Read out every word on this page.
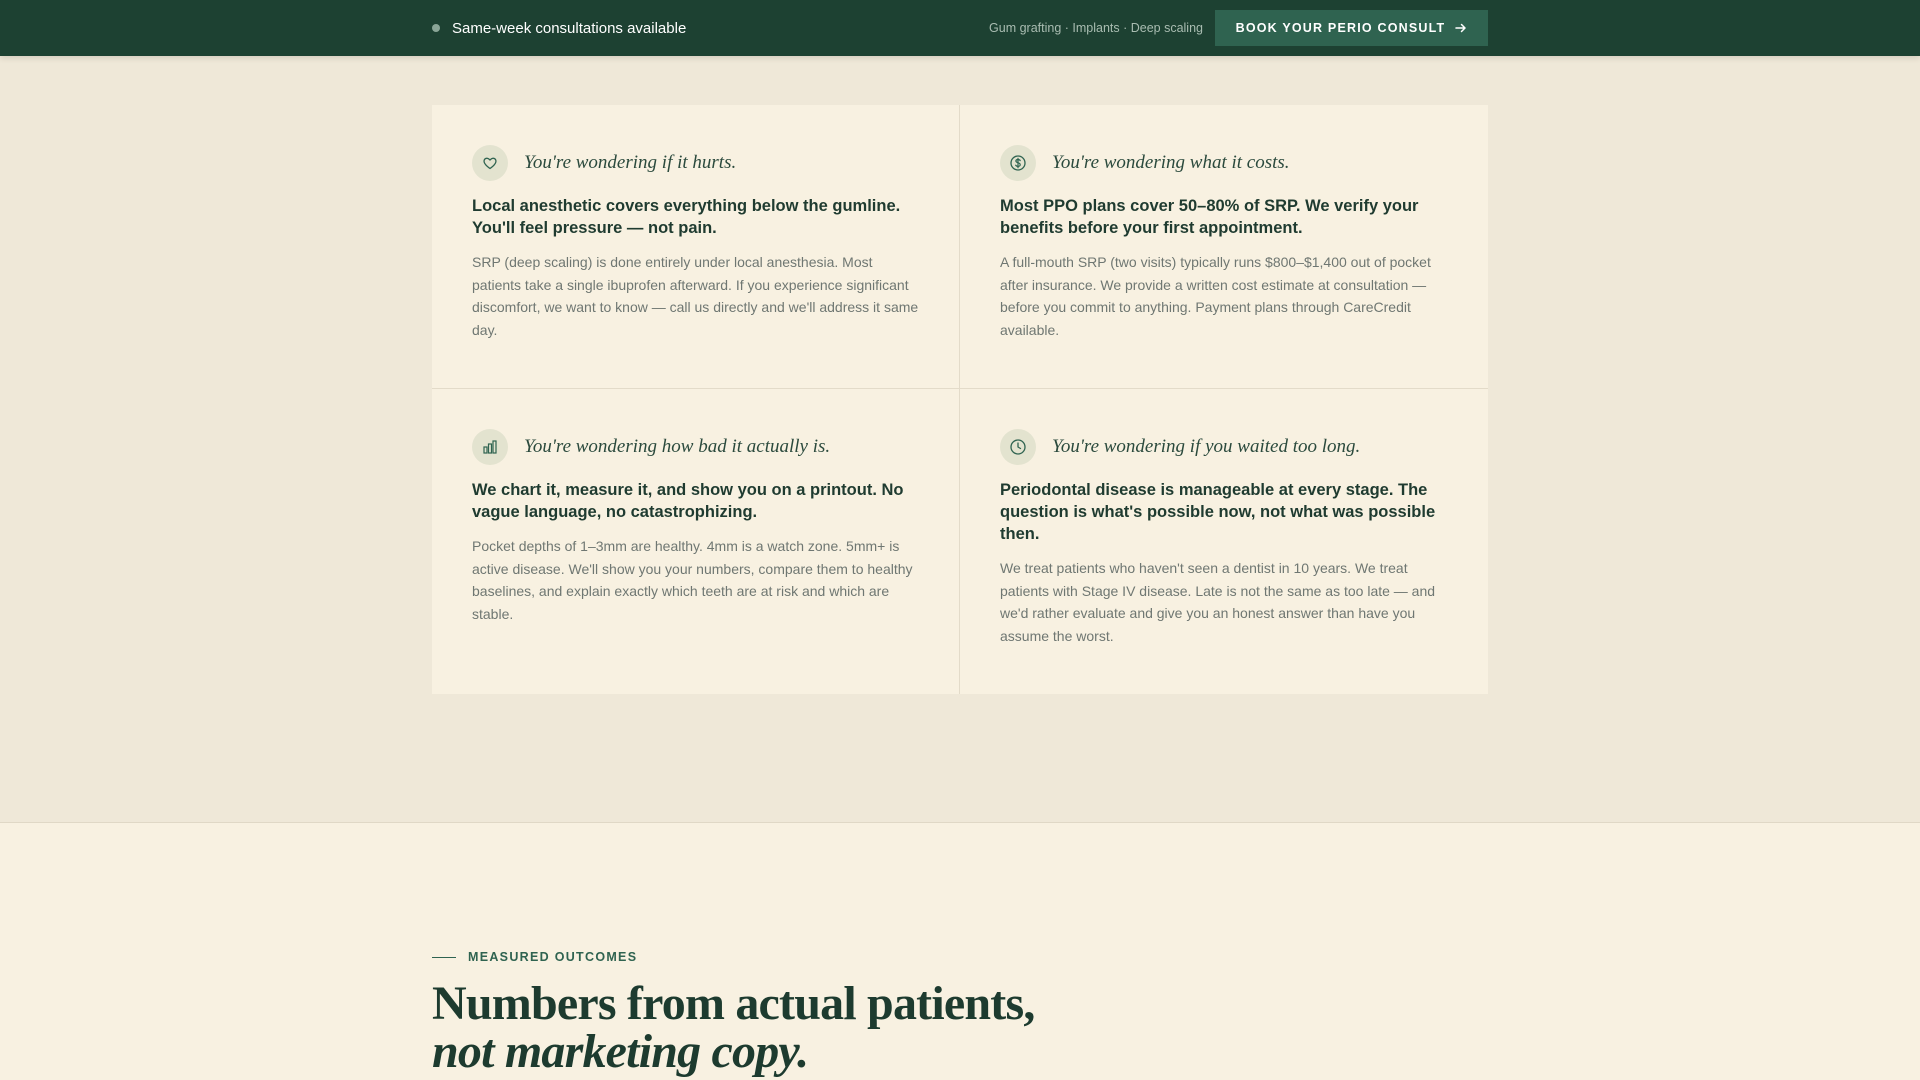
Same-week consultations available	Gum grafting · Implants · Deep scaling	BOOK YOUR PERIO CONSULT
You're wondering if it hurts.

Local anesthetic covers everything below the gumline. You'll feel pressure — not pain.

SRP (deep scaling) is done entirely under local anesthesia. Most patients take a single ibuprofen afterward. If you experience significant discomfort, we want to know — call us directly and we'll address it same day.

You're wondering what it costs.

Most PPO plans cover 50–80% of SRP. We verify your benefits before your first appointment.

A full-mouth SRP (two visits) typically runs $800–$1,400 out of pocket after insurance. We provide a written cost estimate at consultation — before you commit to anything. Payment plans through CareCredit available.

You're wondering how bad it actually is.

We chart it, measure it, and show you on a printout. No vague language, no catastrophizing.

Pocket depths of 1–3mm are healthy. 4mm is a watch zone. 5mm+ is active disease. We'll show you your numbers, compare them to healthy baselines, and explain exactly which teeth are at risk and which are stable.

You're wondering if you waited too long.

Periodontal disease is manageable at every stage. The question is what's possible now, not what was possible then.

We treat patients who haven't seen a dentist in 10 years. We treat patients with Stage IV disease. Late is not the same as too late — and we'd rather evaluate and give you an honest answer than have you assume the worst.

MEASURED OUTCOMES
Numbers from actual patients,
not marketing copy.
